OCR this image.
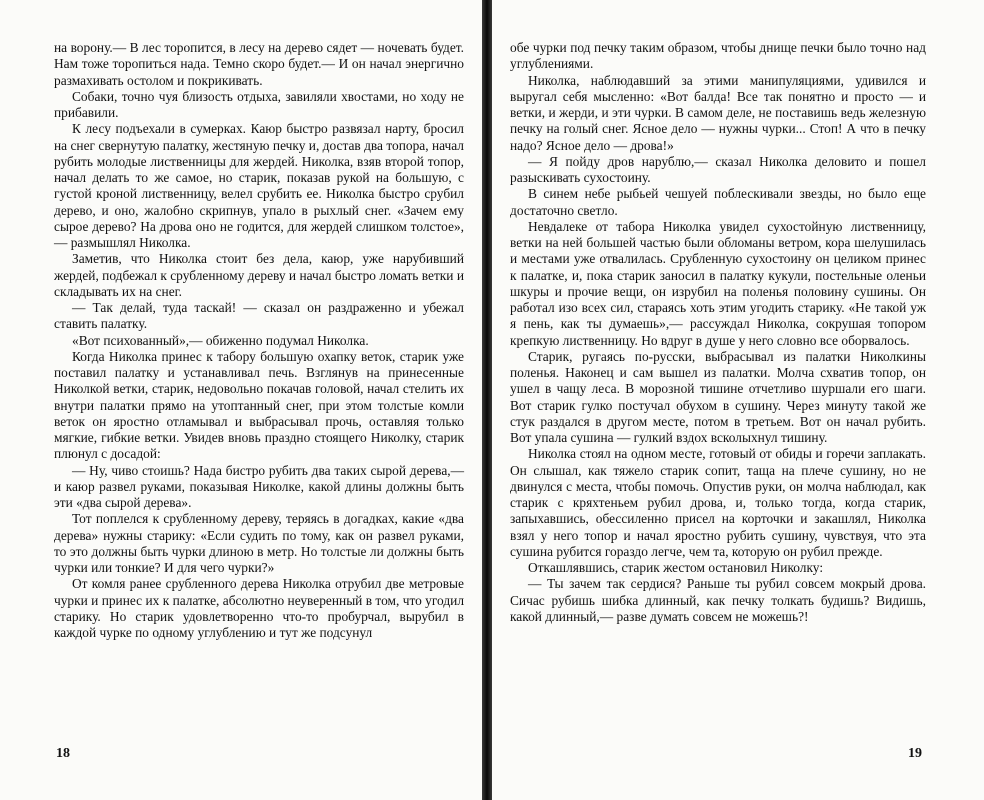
на ворону.— В лес торопится, в лесу на дерево сядет — ночевать будет. Нам тоже торопиться нада. Темно скоро будет.— И он начал энергично размахивать остолом и покрикивать.

Собаки, точно чуя близость отдыха, завиляли хвостами, но ходу не прибавили.

К лесу подъехали в сумерках. Каюр быстро развязал нарту, бросил на снег свернутую палатку, жестяную печку и, достав два топора, начал рубить молодые лиственницы для жердей. Николка, взяв второй топор, начал делать то же самое, но старик, показав рукой на большую, с густой кроной лиственницу, велел срубить ее. Николка быстро срубил дерево, и оно, жалобно скрипнув, упало в рыхлый снег. «Зачем ему сырое дерево? На дрова оно не годится, для жердей слишком толстое»,— размышлял Николка.

Заметив, что Николка стоит без дела, каюр, уже нарубивший жердей, подбежал к срубленному дереву и начал быстро ломать ветки и складывать их на снег.

— Так делай, туда таскай! — сказал он раздраженно и убежал ставить палатку.

«Вот психованный»,— обиженно подумал Николка.

Когда Николка принес к табору большую охапку веток, старик уже поставил палатку и устанавливал печь. Взглянув на принесенные Николкой ветки, старик, недовольно покачав головой, начал стелить их внутри палатки прямо на утоптанный снег, при этом толстые комли веток он яростно отламывал и выбрасывал прочь, оставляя только мягкие, гибкие ветки. Увидев вновь праздно стоящего Николку, старик плюнул с досадой:

— Ну, чиво стоишь? Нада бистро рубить два таких сырой дерева,— и каюр развел руками, показывая Николке, какой длины должны быть эти «два сырой дерева».

Тот поплелся к срубленному дереву, теряясь в догадках, какие «два дерева» нужны старику: «Если судить по тому, как он развел руками, то это должны быть чурки длиною в метр. Но толстые ли должны быть чурки или тонкие? И для чего чурки?»

От комля ранее срубленного дерева Николка отрубил две метровые чурки и принес их к палатке, абсолютно неуверенный в том, что угодил старику. Но старик удовлетворенно что-то пробурчал, вырубил в каждой чурке по одному углублению и тут же подсунул

18

обе чурки под печку таким образом, чтобы днище печки было точно над углублениями.

Николка, наблюдавший за этими манипуляциями, удивился и выругал себя мысленно: «Вот балда! Все так понятно и просто — и ветки, и жерди, и эти чурки. В самом деле, не поставишь ведь железную печку на голый снег. Ясное дело — нужны чурки... Стоп! А что в печку надо? Ясное дело — дрова!»

— Я пойду дров нарублю,— сказал Николка деловито и пошел разыскивать сухостоину.

В синем небе рыбьей чешуей поблескивали звезды, но было еще достаточно светло.

Невдалеке от табора Николка увидел сухостойную лиственницу, ветки на ней большей частью были обломаны ветром, кора шелушилась и местами уже отвалилась. Срубленную сухостоину он целиком принес к палатке, и, пока старик заносил в палатку кукули, постельные оленьи шкуры и прочие вещи, он изрубил на поленья половину сушины. Он работал изо всех сил, стараясь хоть этим угодить старику. «Не такой уж я пень, как ты думаешь»,— рассуждал Николка, сокрушая топором крепкую лиственницу. Но вдруг в душе у него словно все оборвалось.

Старик, ругаясь по-русски, выбрасывал из палатки Николкины поленья. Наконец и сам вышел из палатки. Молча схватив топор, он ушел в чащу леса. В морозной тишине отчетливо шуршали его шаги. Вот старик гулко постучал обухом в сушину. Через минуту такой же стук раздался в другом месте, потом в третьем. Вот он начал рубить. Вот упала сушина — гулкий вздох всколыхнул тишину.

Николка стоял на одном месте, готовый от обиды и горечи заплакать. Он слышал, как тяжело старик сопит, таща на плече сушину, но не двинулся с места, чтобы помочь. Опустив руки, он молча наблюдал, как старик с кряхтеньем рубил дрова, и, только тогда, когда старик, запыхавшись, обессиленно присел на корточки и закашлял, Николка взял у него топор и начал яростно рубить сушину, чувствуя, что эта сушина рубится гораздо легче, чем та, которую он рубил прежде.

Откашлявшись, старик жестом остановил Николку:

— Ты зачем так сердися? Раньше ты рубил совсем мокрый дрова. Сичас рубишь шибка длинный, как печку толкать будишь? Видишь, какой длинный,— разве думать совсем не можешь?!

19
